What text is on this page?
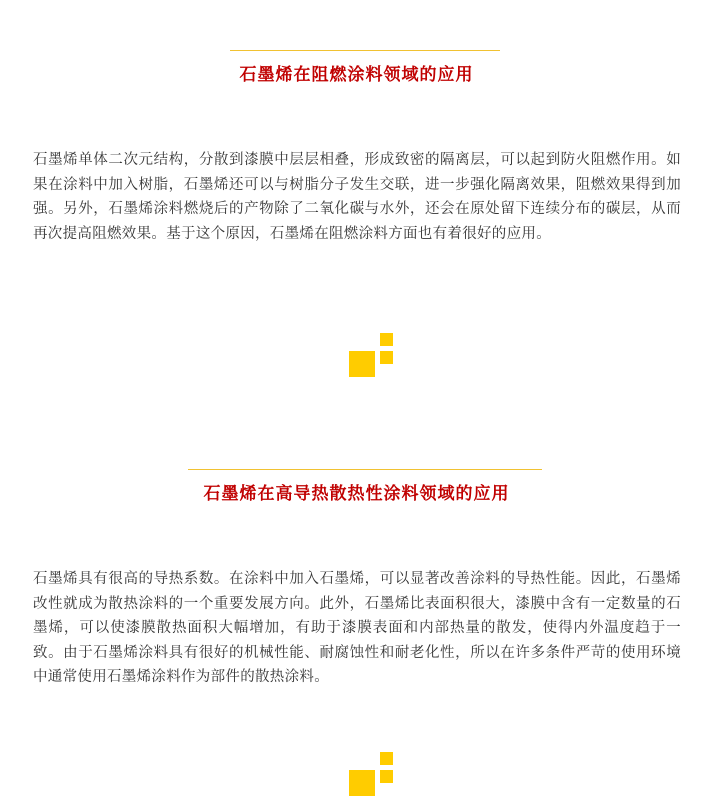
石墨烯在阻燃涂料领域的应用
石墨烯单体二次元结构，分散到漆膜中层层相叠，形成致密的隔离层，可以起到防火阻燃作用。如果在涂料中加入树脂，石墨烯还可以与树脂分子发生交联，进一步强化隔离效果，阻燃效果得到加强。另外，石墨烯涂料燃烧后的产物除了二氧化碳与水外，还会在原处留下连续分布的碳层，从而再次提高阻燃效果。基于这个原因，石墨烯在阻燃涂料方面也有着很好的应用。
石墨烯在高导热散热性涂料领域的应用
石墨烯具有很高的导热系数。在涂料中加入石墨烯，可以显著改善涂料的导热性能。因此，石墨烯改性就成为散热涂料的一个重要发展方向。此外，石墨烯比表面积很大，漆膜中含有一定数量的石墨烯，可以使漆膜散热面积大幅增加，有助于漆膜表面和内部热量的散发，使得内外温度趋于一致。由于石墨烯涂料具有很好的机械性能、耐腐蚀性和耐老化性，所以在许多条件严苛的使用环境中通常使用石墨烯涂料作为部件的散热涂料。
